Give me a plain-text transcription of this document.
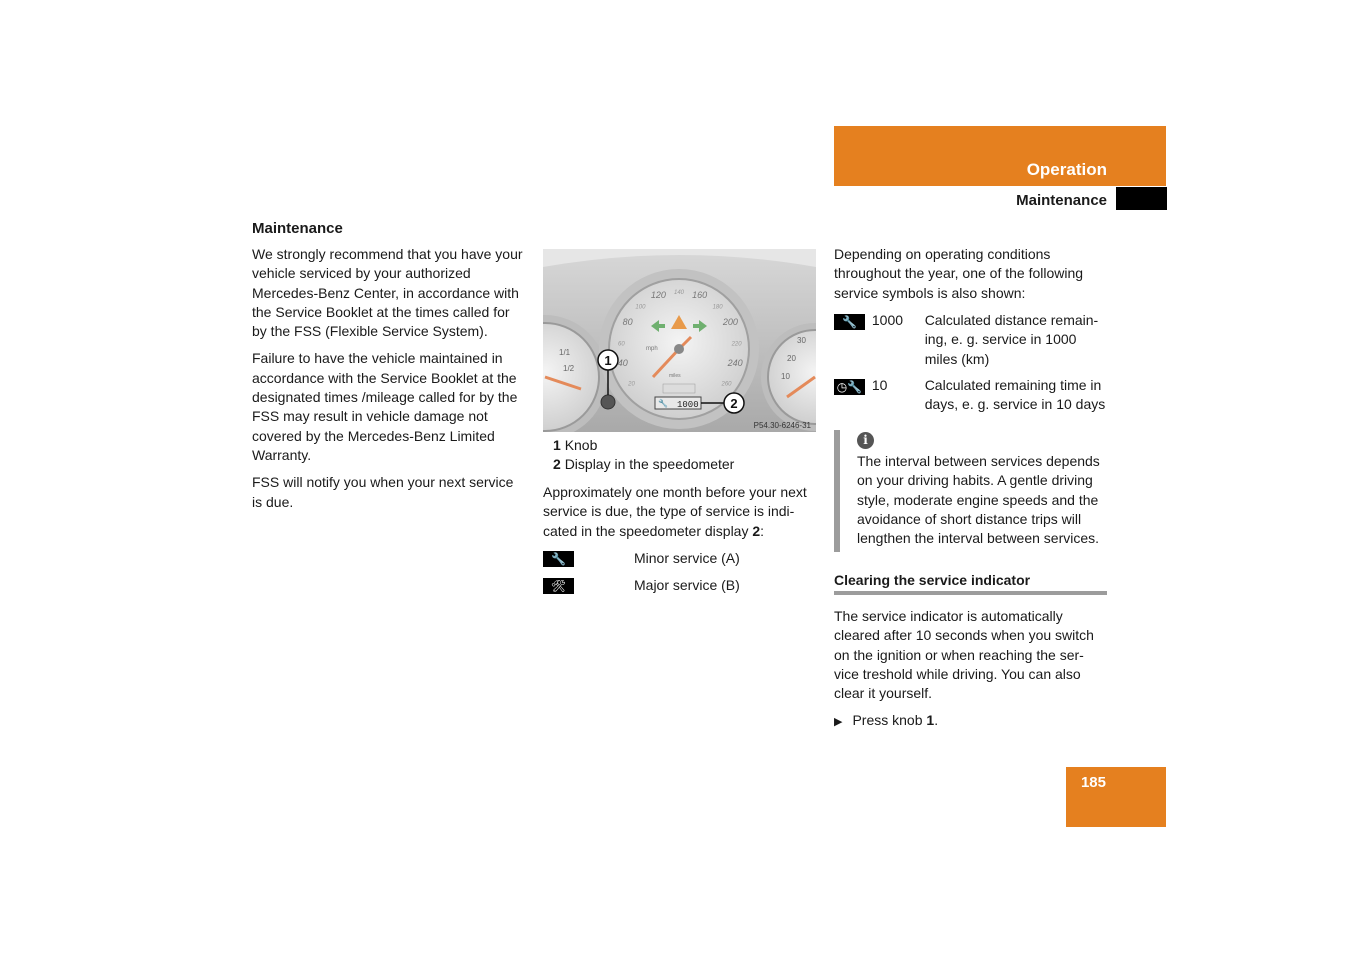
Operation
Maintenance
Maintenance

We strongly recommend that you have your vehicle serviced by your authorized Mercedes-Benz Center, in accordance with the Service Booklet at the times called for by the FSS (Flexible Service System).

Failure to have the vehicle maintained in accordance with the Service Booklet at the designated times /mileage called for by the FSS may result in vehicle damage not covered by the Mercedes-Benz Limited Warranty.

FSS will notify you when your next service is due.

1/1
1/2
30
20
10
20
40
60
80
100
120 140 160
180
200
220
240
260
mph
miles
🔧 1000
1
2
P54.30-6246-31
1 Knob
2 Display in the speedometer
Approximately one month before your next service is due, the type of service is indi-cated in the speedometer display 2:
🔧	Minor service (A)
🛠	Major service (B)
Depending on operating conditions throughout the year, one of the following service symbols is also shown:
🔧	1000	Calculated distance remain-ing, e. g. service in 1000 miles (km)
◷🔧 10	Calculated remaining time in days, e. g. service in 10 days
i
The interval between services depends on your driving habits. A gentle driving style, moderate engine speeds and the avoidance of short distance trips will lengthen the interval between services.
Clearing the service indicator
The service indicator is automatically cleared after 10 seconds when you switch on the ignition or when reaching the ser-vice treshold while driving. You can also clear it yourself.
▶ Press knob 1.
185
